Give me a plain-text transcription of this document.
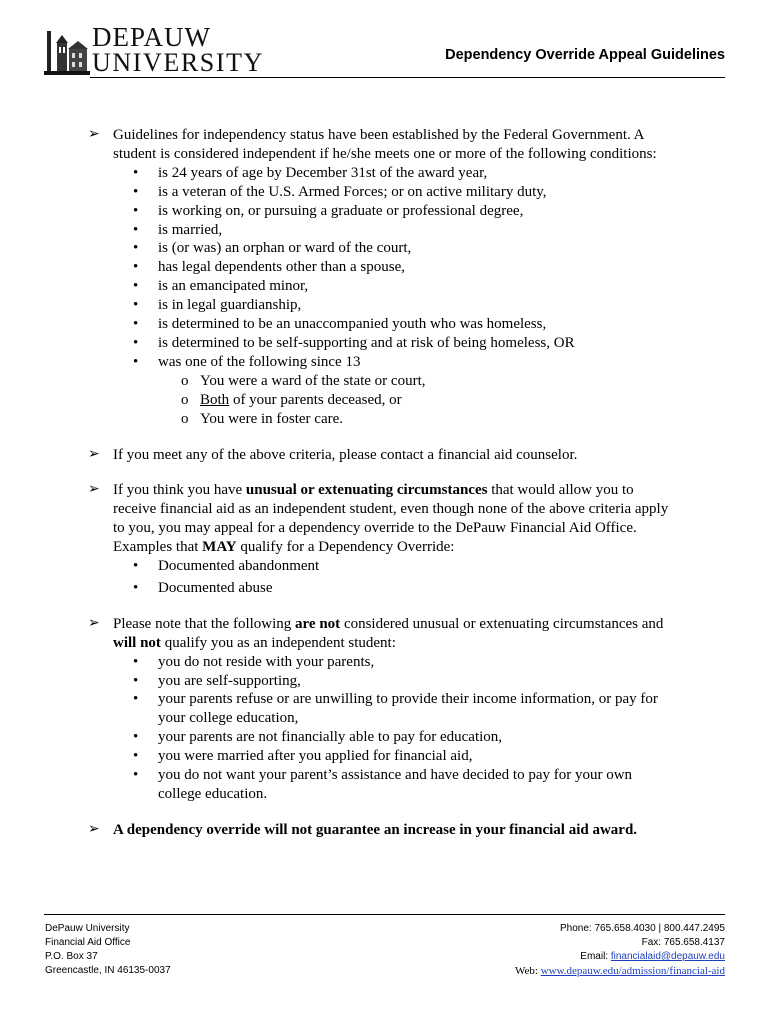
DEPAUW
UNIVERSITY	Dependency Override Appeal Guidelines
➢ Guidelines for independency status have been established by the Federal Government. A student is considered independent if he/she meets one or more of the following conditions:

• is 24 years of age by December 31st of the award year,
• is a veteran of the U.S. Armed Forces; or on active military duty,
• is working on, or pursuing a graduate or professional degree,
• is married,
• is (or was) an orphan or ward of the court,
• has legal dependents other than a spouse,
• is an emancipated minor,
• is in legal guardianship,
• is determined to be an unaccompanied youth who was homeless,
• is determined to be self-supporting and at risk of being homeless, OR
• was one of the following since 13
o You were a ward of the state or court,
o Both of your parents deceased, or
o You were in foster care.
➢ If you meet any of the above criteria, please contact a financial aid counselor.

➢ If you think you have unusual or extenuating circumstances that would allow you to receive financial aid as an independent student, even though none of the above criteria apply to you, you may appeal for a dependency override to the DePauw Financial Aid Office. Examples that MAY qualify for a Dependency Override:

• Documented abandonment
• Documented abuse
➢ Please note that the following are not considered unusual or extenuating circumstances and will not qualify you as an independent student:

• you do not reside with your parents,
• you are self-supporting,
• your parents refuse or are unwilling to provide their income information, or pay for your college education,
• your parents are not financially able to pay for education,
• you were married after you applied for financial aid,
• you do not want your parent’s assistance and have decided to pay for your own college education.
➢ A dependency override will not guarantee an increase in your financial aid award.

DePauw University
Financial Aid Office
P.O. Box 37
Greencastle, IN 46135-0037
Phone: 765.658.4030 | 800.447.2495
Fax: 765.658.4137
Email: financialaid@depauw.edu
Web: www.depauw.edu/admission/financial-aid
